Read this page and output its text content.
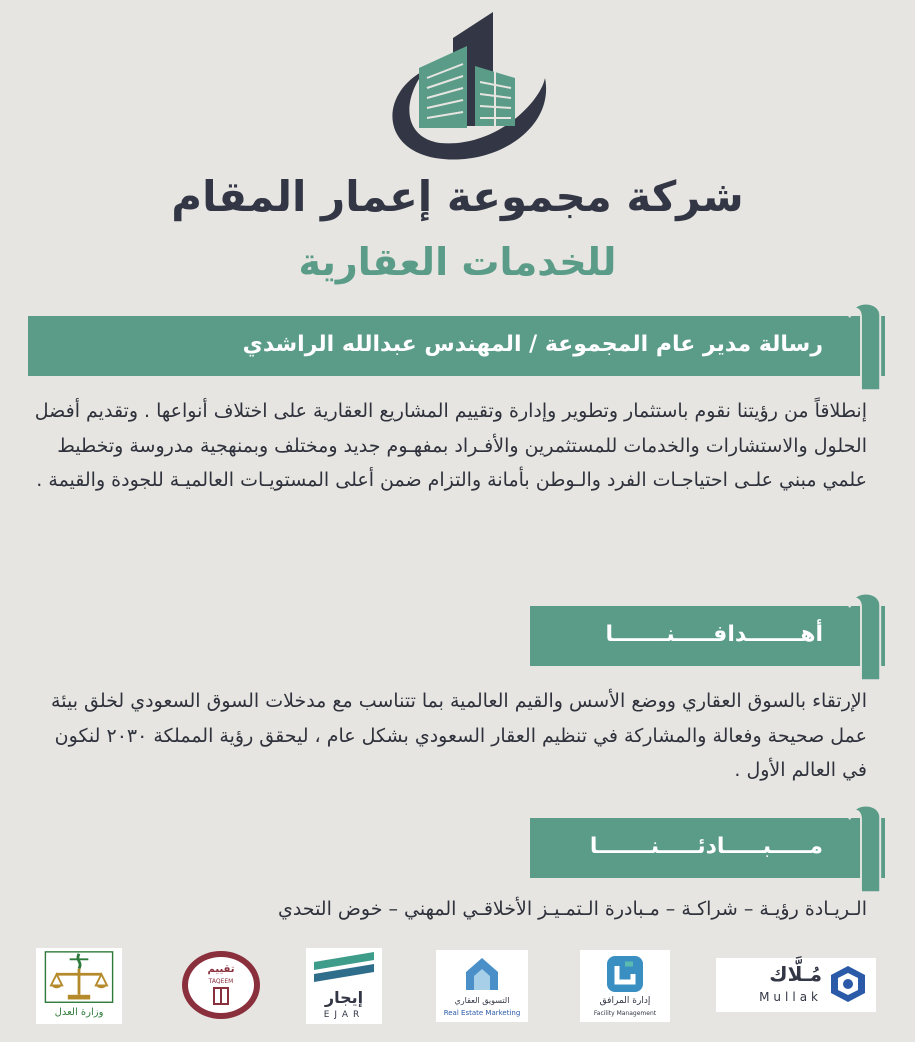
شركة مجموعة إعمار المقام
للخدمات العقارية
رسالة مدير عام المجموعة / المهندس عبدالله الراشدي
إنطلاقاً من رؤيتنا نقوم باستثمار وتطوير وإدارة وتقييم المشاريع العقارية على اختلاف أنواعها . وتقديم أفضل الحلول والاستشارات والخدمات للمستثمرين والأفـراد بمفهـوم جديد ومختلف وبمنهجية مدروسة وتخطيط علمي مبني علـى احتياجـات الفرد والـوطن بأمانة والتزام ضمن أعلى المستويـات العالميـة للجودة والقيمة .
أهـــــــدافـــــنـــــــا
الإرتقاء بالسوق العقاري ووضع الأسس والقيم العالمية بما تتناسب مع مدخلات السوق السعودي لخلق بيئة عمل صحيحة وفعالة والمشاركة في تنظيم العقار السعودي بشكل عام ، ليحقق رؤية المملكة ٢٠٣٠ لنكون في العالم الأول .
مـــــبـــــادئـــــنـــــــا
الـريـادة رؤيـة – شراكـة – مـبادرة الـتمـيـز الأخلاقـي المهني – خوض التحدي
مُـلَّاك
Mullak
إدارة المرافق
Facility Management
التسويق العقاري
Real Estate Marketing
إيجار
EJAR
تقييم
TAQEEM
وزارة العدل
